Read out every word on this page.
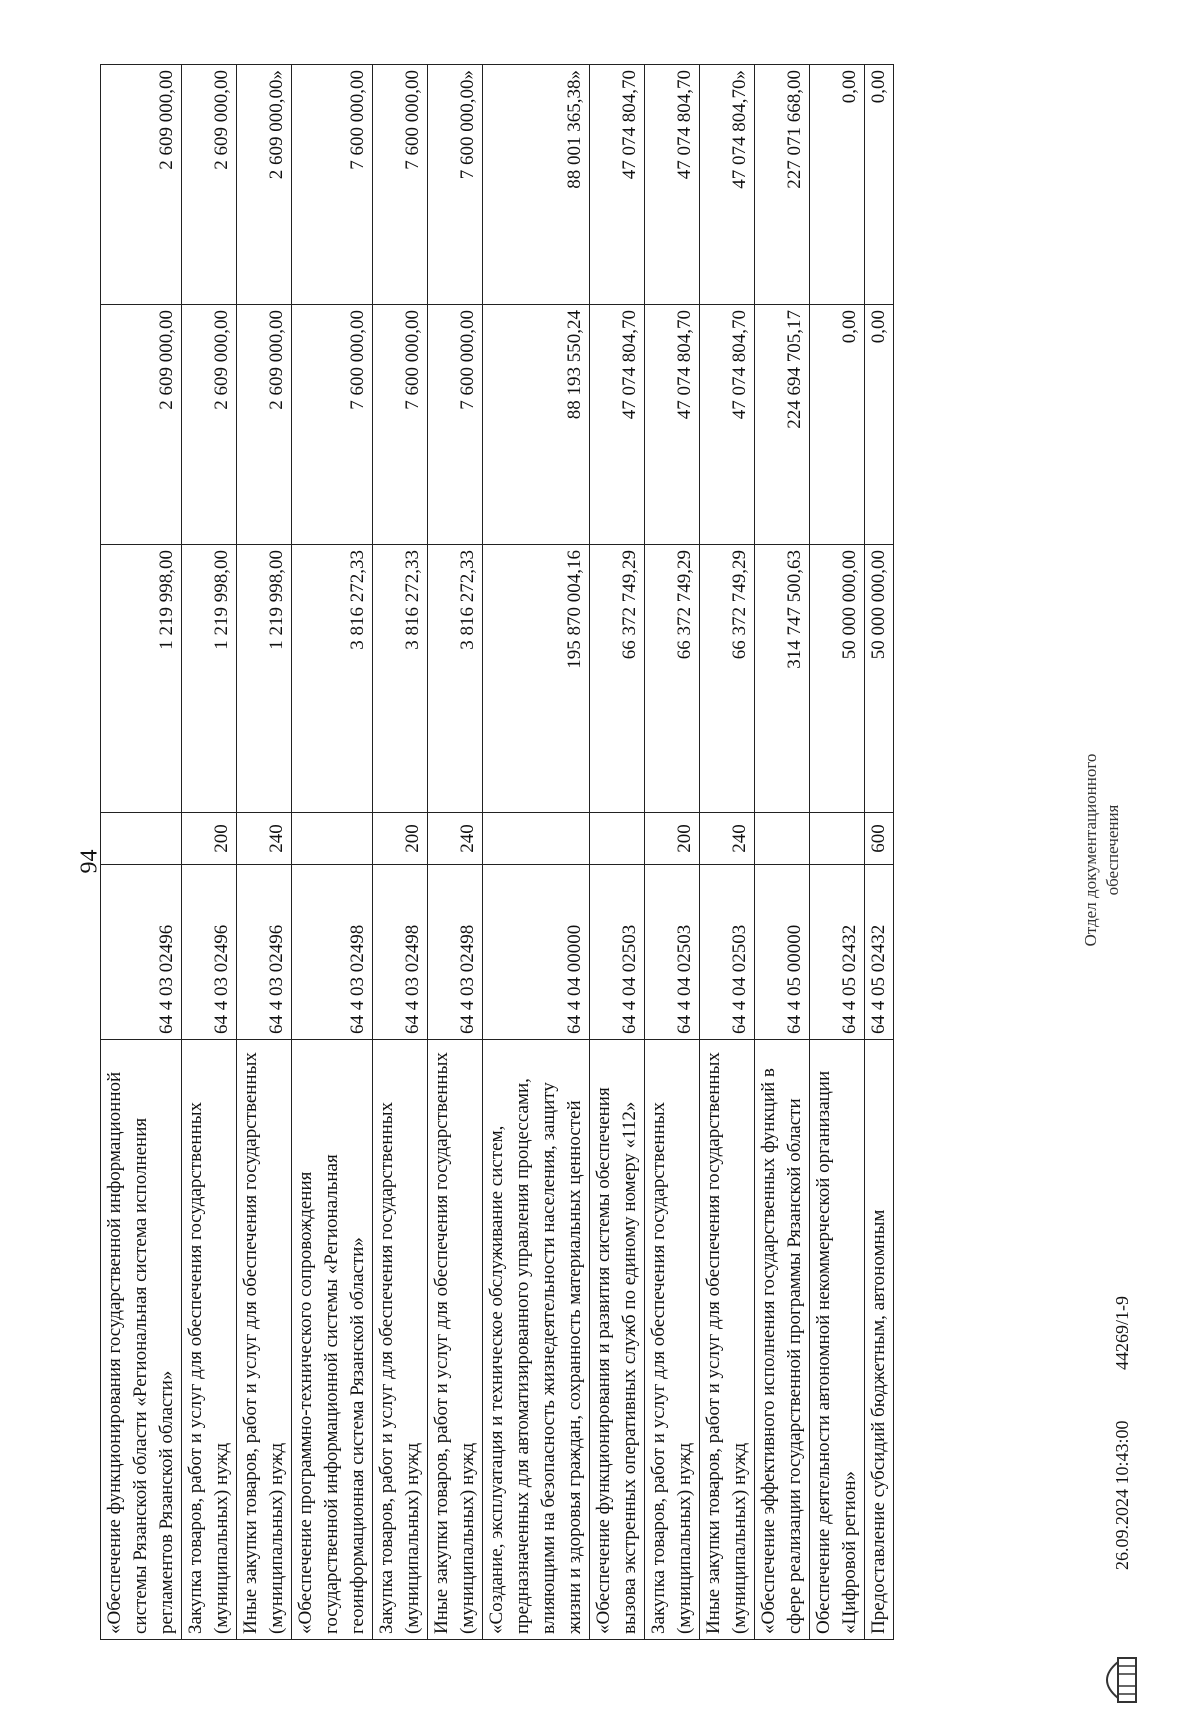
94
«Обеспечение функционирования государственной информационной системы Рязанской области «Региональная система исполнения регламентов Рязанской области»	64 4 03 02496		1 219 998,00	2 609 000,00	2 609 000,00
Закупка товаров, работ и услуг для обеспечения государственных (муниципальных) нужд	64 4 03 02496	200	1 219 998,00	2 609 000,00	2 609 000,00
Иные закупки товаров, работ и услуг для обеспечения государственных (муниципальных) нужд	64 4 03 02496	240	1 219 998,00	2 609 000,00	2 609 000,00»
«Обеспечение программно-технического сопровождения государственной информационной системы «Региональная геоинформационная система Рязанской области»	64 4 03 02498		3 816 272,33	7 600 000,00	7 600 000,00
Закупка товаров, работ и услуг для обеспечения государственных (муниципальных) нужд	64 4 03 02498	200	3 816 272,33	7 600 000,00	7 600 000,00
Иные закупки товаров, работ и услуг для обеспечения государственных (муниципальных) нужд	64 4 03 02498	240	3 816 272,33	7 600 000,00	7 600 000,00»
«Создание, эксплуатация и техническое обслуживание систем, предназначенных для автоматизированного управления процессами, влияющими на безопасность жизнедеятельности населения, защиту жизни и здоровья граждан, сохранность материальных ценностей	64 4 04 00000		195 870 004,16	88 193 550,24	88 001 365,38»
«Обеспечение функционирования и развития системы обеспечения вызова экстренных оперативных служб по единому номеру «112»	64 4 04 02503		66 372 749,29	47 074 804,70	47 074 804,70
Закупка товаров, работ и услуг для обеспечения государственных (муниципальных) нужд	64 4 04 02503	200	66 372 749,29	47 074 804,70	47 074 804,70
Иные закупки товаров, работ и услуг для обеспечения государственных (муниципальных) нужд	64 4 04 02503	240	66 372 749,29	47 074 804,70	47 074 804,70»
«Обеспечение эффективного исполнения государственных функций в сфере реализации государственной программы Рязанской области	64 4 05 00000		314 747 500,63	224 694 705,17	227 071 668,00
Обеспечение деятельности автономной некоммерческой организации «Цифровой регион»	64 4 05 02432		50 000 000,00	0,00	0,00
Предоставление субсидий бюджетным, автономным	64 4 05 02432	600	50 000 000,00	0,00	0,00
26.09.2024 10:43:00
44269/1-9
Отдел документационного обеспечения
